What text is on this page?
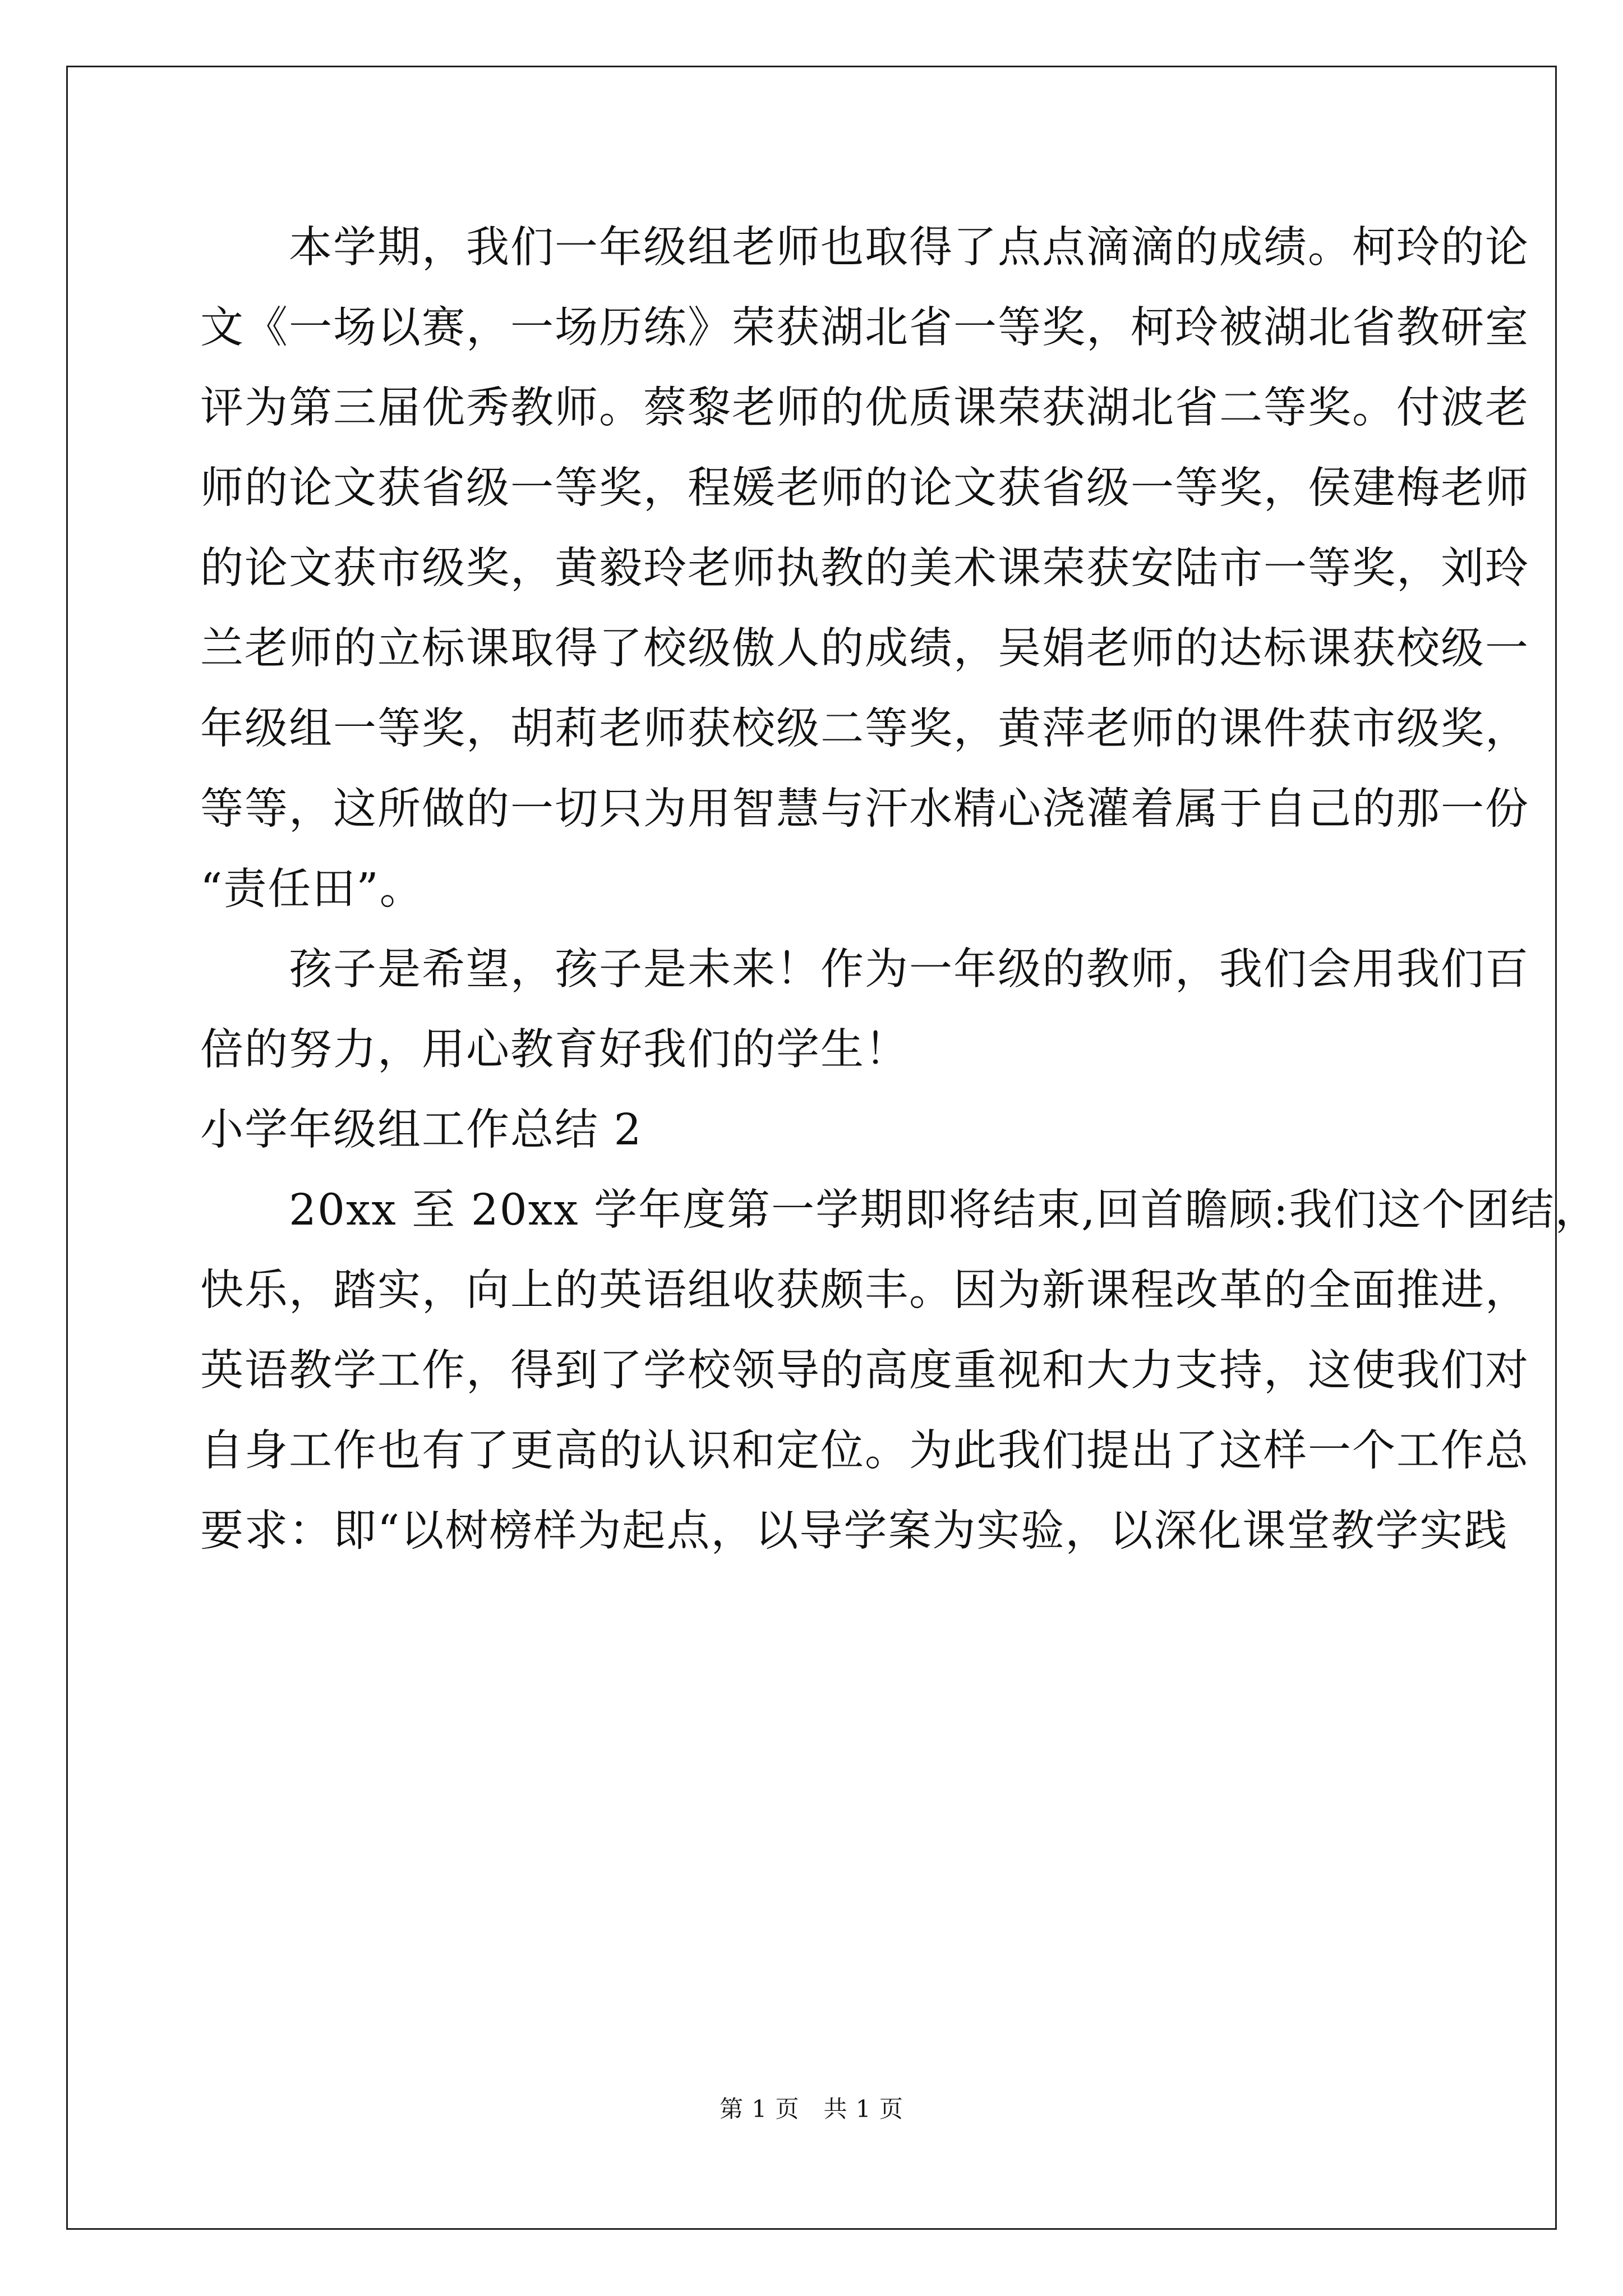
　　本学期，我们一年级组老师也取得了点点滴滴的成绩。柯玲的论
文《一场以赛，一场历练》荣获湖北省一等奖，柯玲被湖北省教研室
评为第三届优秀教师。蔡黎老师的优质课荣获湖北省二等奖。付波老
师的论文获省级一等奖，程媛老师的论文获省级一等奖，侯建梅老师
的论文获市级奖，黄毅玲老师执教的美术课荣获安陆市一等奖，刘玲
兰老师的立标课取得了校级傲人的成绩，吴娟老师的达标课获校级一
年级组一等奖，胡莉老师获校级二等奖，黄萍老师的课件获市级奖，
等等，这所做的一切只为用智慧与汗水精心浇灌着属于自己的那一份
“责任田”。
　　孩子是希望，孩子是未来！作为一年级的教师，我们会用我们百
倍的努力，用心教育好我们的学生！
小学年级组工作总结 2
　　20xx 至 20xx 学年度第一学期即将结束,回首瞻顾:我们这个团结，
快乐，踏实，向上的英语组收获颇丰。因为新课程改革的全面推进，
英语教学工作，得到了学校领导的高度重视和大力支持，这使我们对
自身工作也有了更高的认识和定位。为此我们提出了这样一个工作总
要求：即“以树榜样为起点，以导学案为实验，以深化课堂教学实践
第 1 页　共 1 页
